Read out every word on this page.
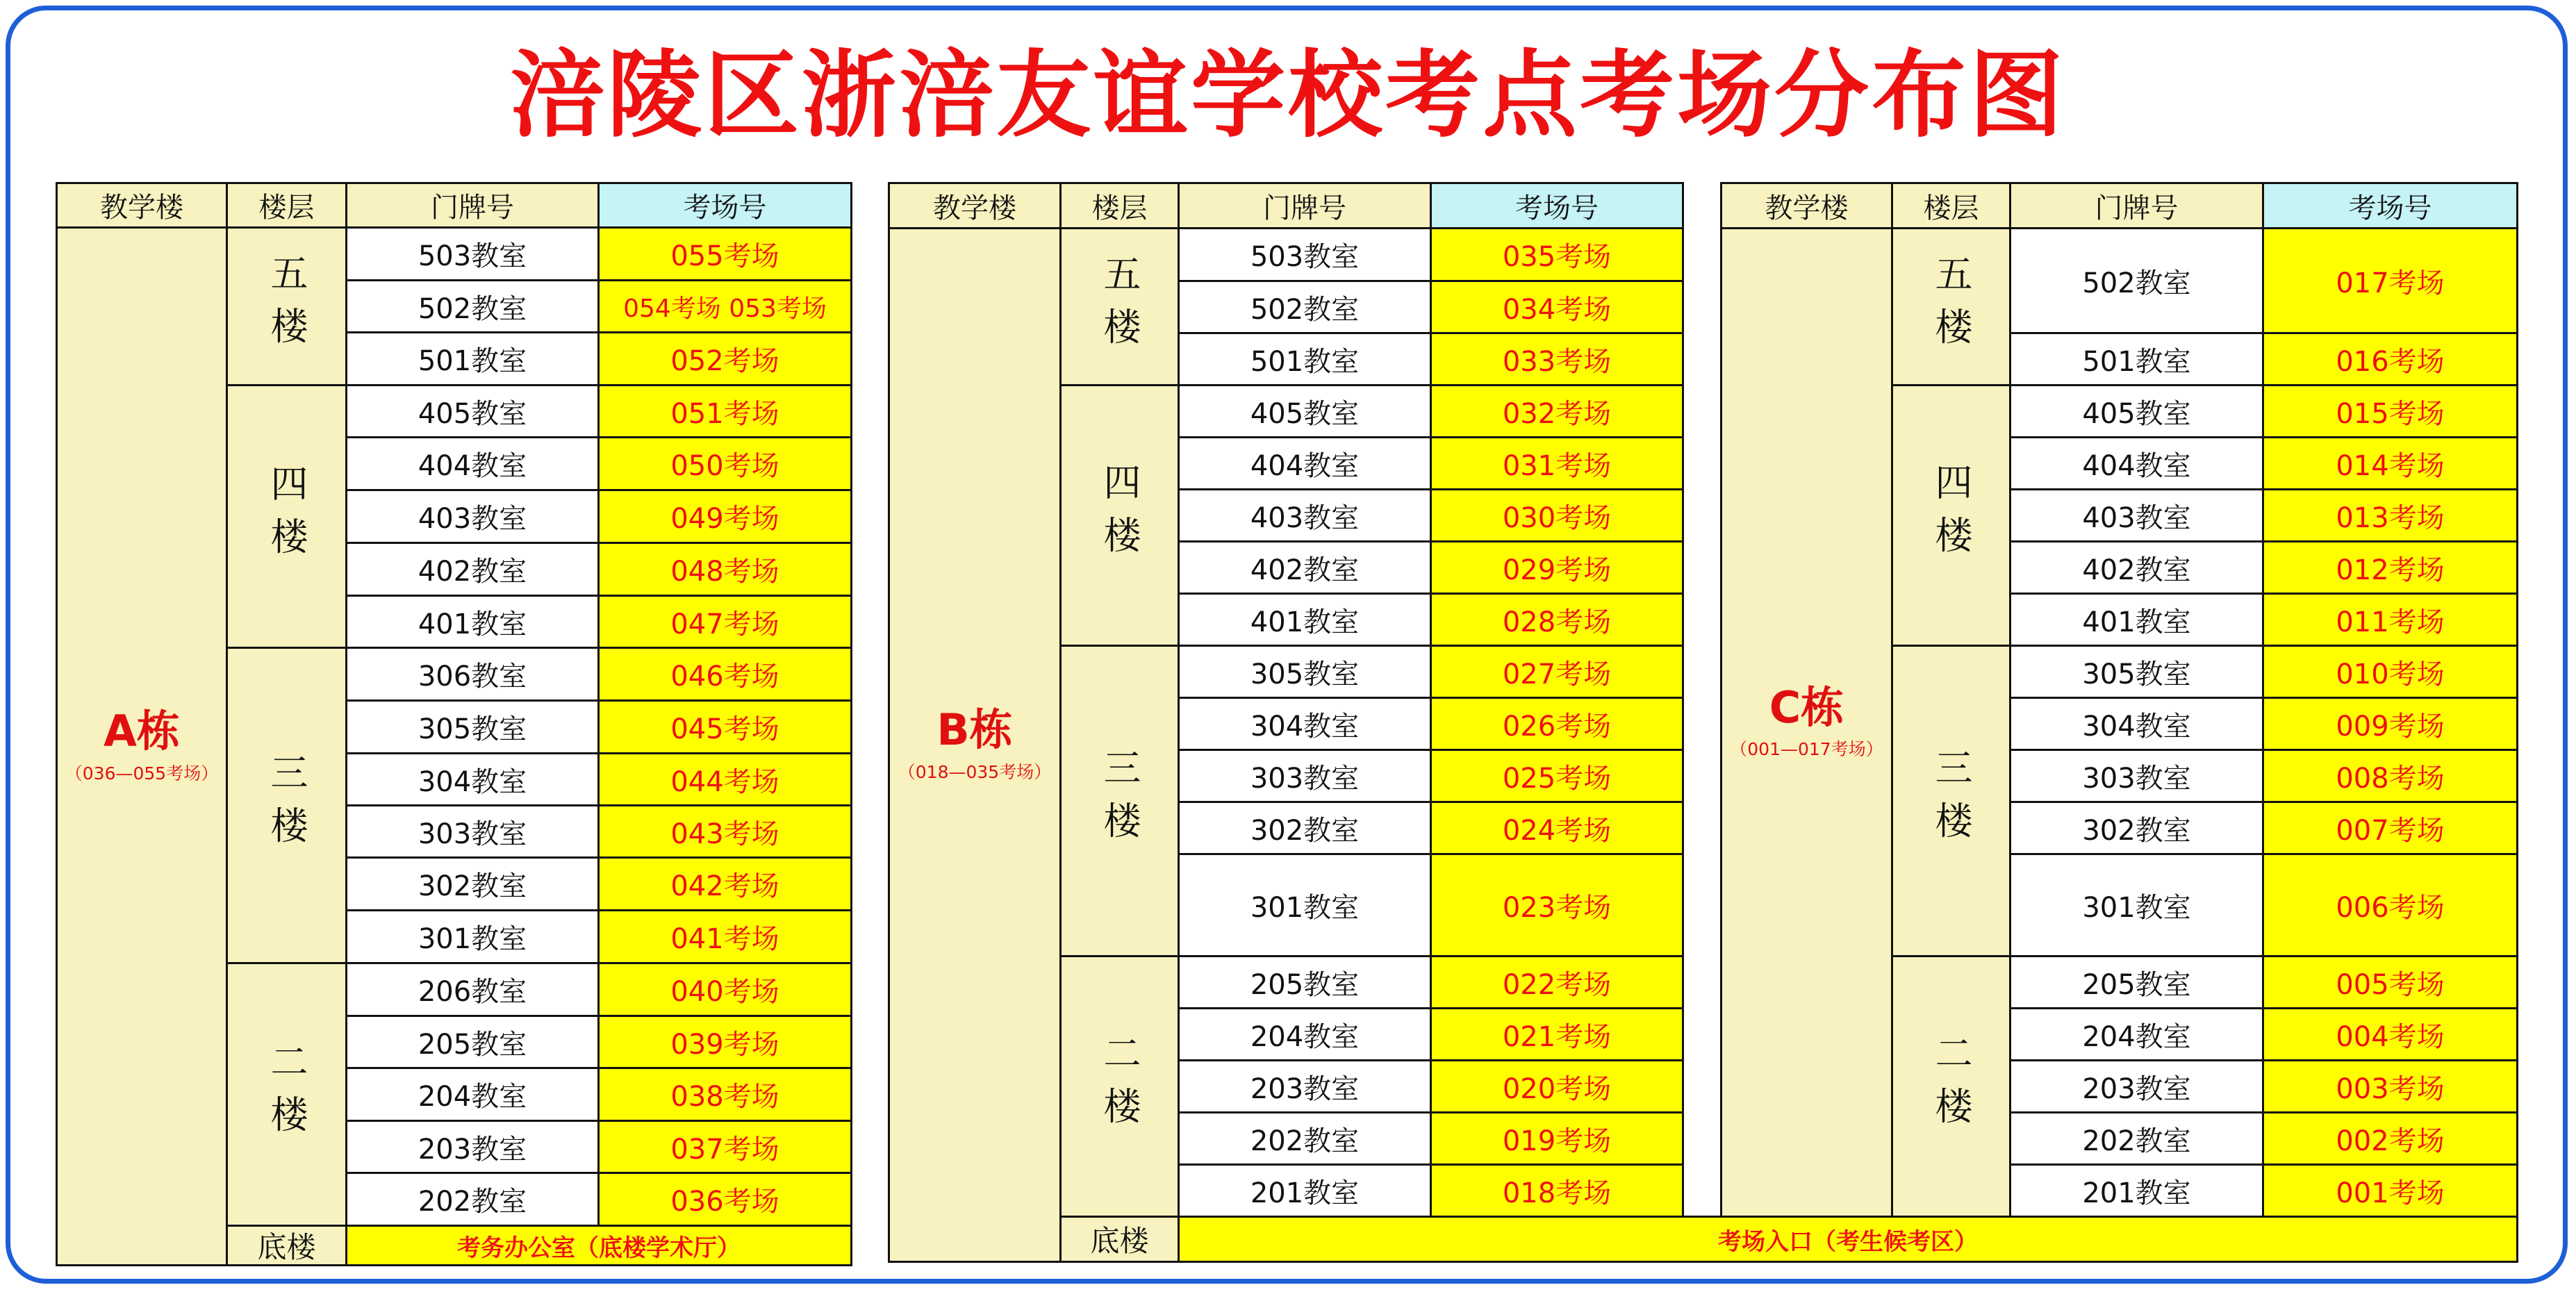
涪陵区浙涪友谊学校考点考场分布图
教学楼	楼层	门牌号	考场号
A栋
（036—055考场）
五楼	503教室	055考场
502教室	054考场 053考场
501教室	052考场
四楼
405教室	051考场
404教室	050考场
403教室	049考场
402教室	048考场
401教室	047考场
三楼
306教室	046考场
305教室	045考场
304教室	044考场
303教室	043考场
302教室	042考场
301教室	041考场
二楼
206教室	040考场
205教室	039考场
204教室	038考场
203教室	037考场
202教室	036考场
底楼	考务办公室（底楼学术厅）
教学楼	楼层	门牌号	考场号
B栋
（018—035考场）
五楼	503教室	035考场
502教室	034考场
501教室	033考场
四楼
405教室	032考场
404教室	031考场
403教室	030考场
402教室	029考场
401教室	028考场
三楼
305教室	027考场
304教室	026考场
303教室	025考场
302教室	024考场
301教室	023考场
二楼
205教室	022考场
204教室	021考场
203教室	020考场
202教室	019考场
201教室	018考场
底楼	考场入口（考生候考区）
教学楼	楼层	门牌号	考场号
C栋
（001—017考场）
五楼	502教室	017考场
501教室	016考场
四楼
405教室	015考场
404教室	014考场
403教室	013考场
402教室	012考场
401教室	011考场
三楼
305教室	010考场
304教室	009考场
303教室	008考场
302教室	007考场
301教室	006考场
二楼
205教室	005考场
204教室	004考场
203教室	003考场
202教室	002考场
201教室	001考场
